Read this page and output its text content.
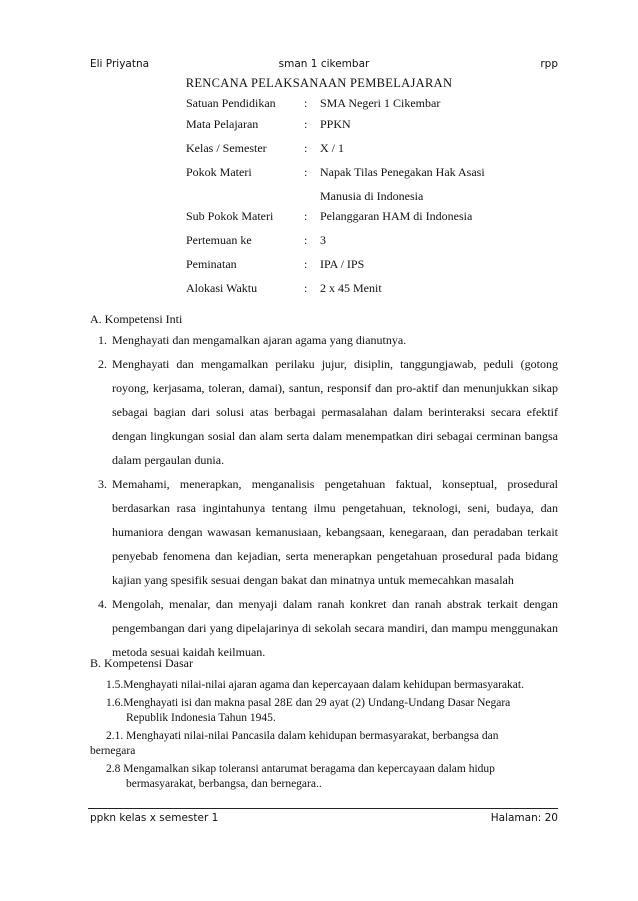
Eli Priyatna	sman 1 cikembar	rpp
RENCANA PELAKSANAAN PEMBELAJARAN
Satuan Pendidikan : SMA Negeri 1 Cikembar
Mata Pelajaran	: PPKN
Kelas / Semester	: X / 1
Pokok Materi	: Napak Tilas Penegakan Hak Asasi
Manusia di Indonesia
Sub Pokok Materi	: Pelanggaran HAM di Indonesia
Pertemuan ke	: 3
Peminatan	: IPA / IPS
Alokasi Waktu	: 2 x 45 Menit
A. Kompetensi Inti
1. Menghayati dan mengamalkan ajaran agama yang dianutnya.
2. Menghayati dan mengamalkan perilaku jujur, disiplin, tanggungjawab, peduli (gotong royong, kerjasama, toleran, damai), santun, responsif dan pro-aktif dan menunjukkan sikap sebagai bagian dari solusi atas berbagai permasalahan dalam berinteraksi secara efektif dengan lingkungan sosial dan alam serta dalam menempatkan diri sebagai cerminan bangsa dalam pergaulan dunia.
3. Memahami, menerapkan, menganalisis pengetahuan faktual, konseptual, prosedural berdasarkan rasa ingintahunya tentang ilmu pengetahuan, teknologi, seni, budaya, dan humaniora dengan wawasan kemanusiaan, kebangsaan, kenegaraan, dan peradaban terkait penyebab fenomena dan kejadian, serta menerapkan pengetahuan prosedural pada bidang kajian yang spesifik sesuai dengan bakat dan minatnya untuk memecahkan masalah
4. Mengolah, menalar, dan menyaji dalam ranah konkret dan ranah abstrak terkait dengan pengembangan dari yang dipelajarinya di sekolah secara mandiri, dan mampu menggunakan metoda sesuai kaidah keilmuan.
B. Kompetensi Dasar
1.5.Menghayati nilai-nilai ajaran agama dan kepercayaan dalam kehidupan bermasyarakat.
1.6.Menghayati isi dan makna pasal 28E dan 29 ayat (2) Undang-Undang Dasar Negara
Republik Indonesia Tahun 1945.
2.1. Menghayati nilai-nilai Pancasila dalam kehidupan bermasyarakat, berbangsa dan
bernegara
2.8 Mengamalkan sikap toleransi antarumat beragama dan kepercayaan dalam hidup
bermasyarakat, berbangsa, dan bernegara..
ppkn kelas x semester 1	Halaman: 20
